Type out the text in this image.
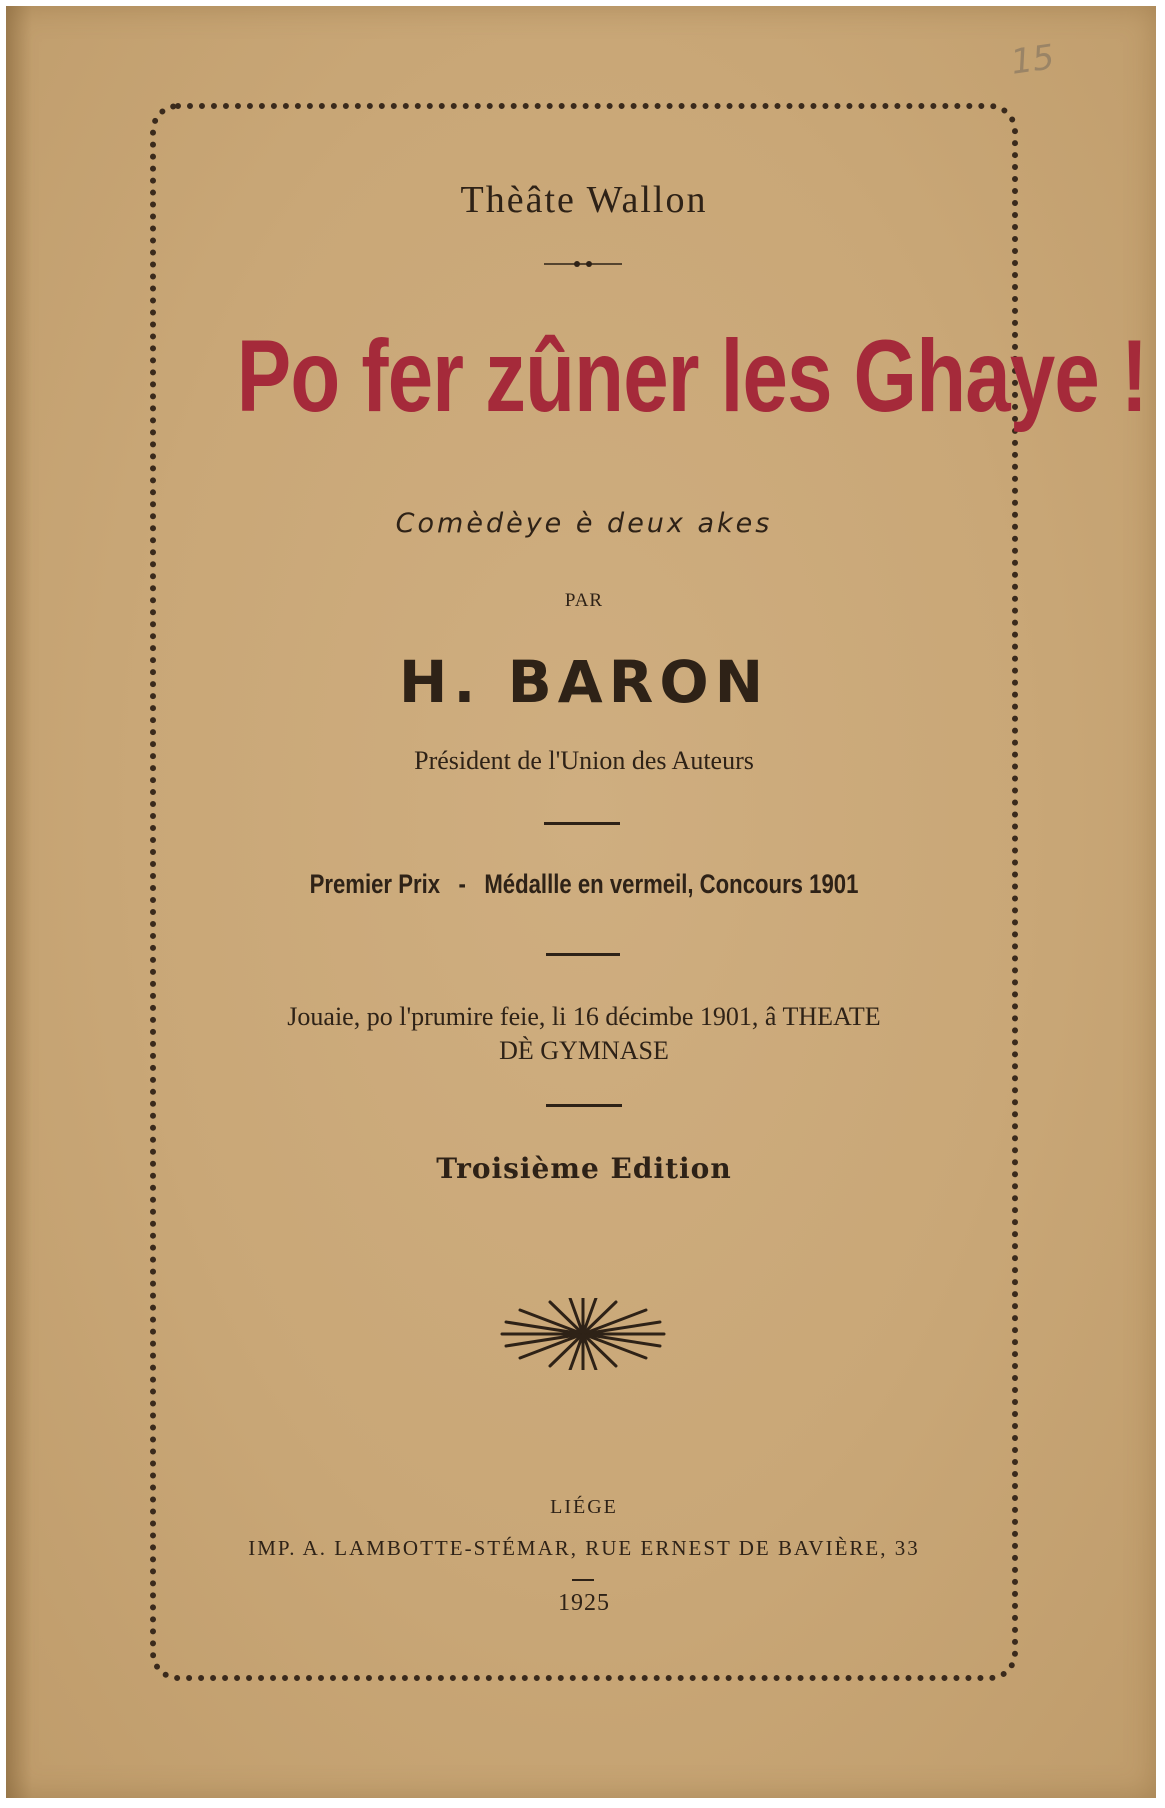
15
Thèâte Wallon
Po fer zûner les Ghaye !
Comèdèye è deux akes
PAR
H. BARON
Président de l'Union des Auteurs
Premier Prix   -   Médallle en vermeil, Concours 1901
Jouaie, po l'prumire feie, li 16 décimbe 1901, â THEATE
DÈ GYMNASE
Troisième Edition
LIÉGE
IMP. A. LAMBOTTE-STÉMAR, RUE ERNEST DE BAVIÈRE, 33
1925
